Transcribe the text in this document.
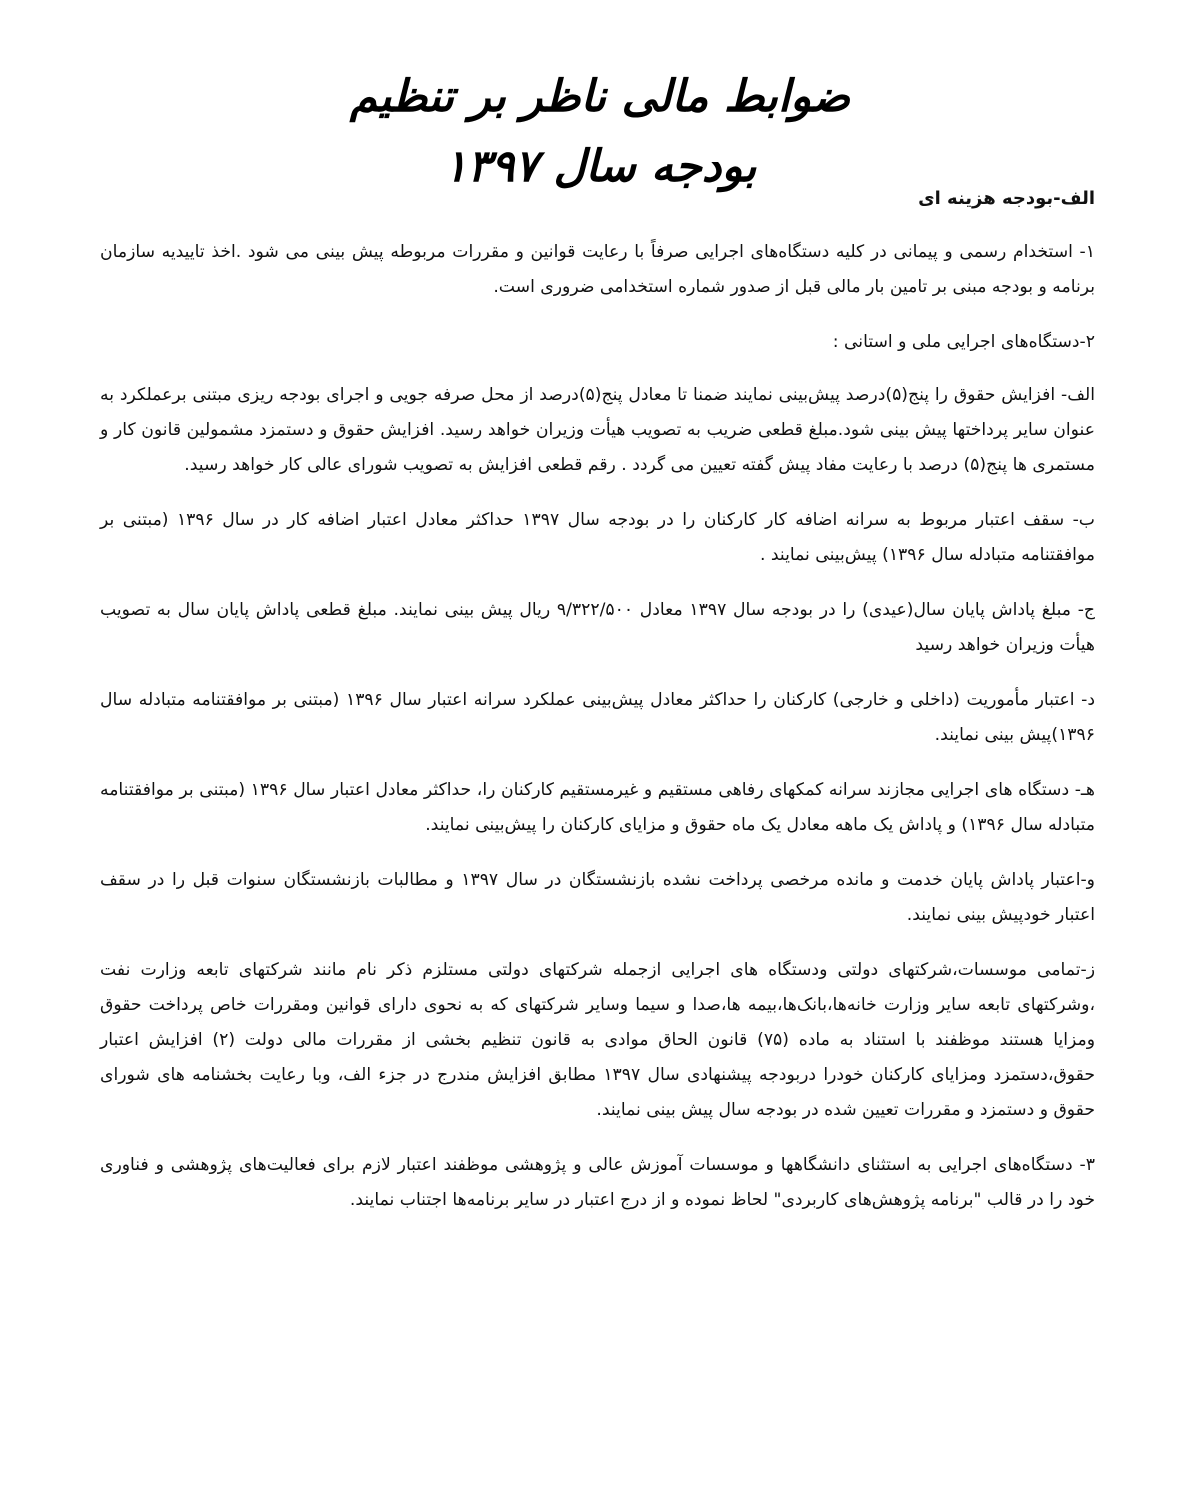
ضوابط مالی ناظر بر تنظیم بودجه سال ۱۳۹۷
الف-بودجه هزینه ای

۱- استخدام رسمی و پیمانی در کلیه دستگاه‌های اجرایی صرفاً با رعایت قوانین و مقررات مربوطه پیش بینی می شود .اخذ تاییدیه سازمان برنامه و بودجه مبنی بر تامین بار مالی قبل از صدور شماره استخدامی ضروری است.

۲-دستگاه‌های اجرایی ملی و استانی :

الف- افزایش حقوق را پنج(۵)درصد پیش‌بینی نمایند ضمنا تا معادل پنج(۵)درصد از محل صرفه جویی و اجرای بودجه ریزی مبتنی برعملکرد به عنوان سایر پرداختها پیش بینی شود.مبلغ قطعی ضریب به تصویب هیأت وزیران خواهد رسید. افزایش حقوق و دستمزد مشمولین قانون کار و مستمری ها پنج(۵) درصد با رعایت مفاد پیش گفته تعیین می گردد . رقم قطعی افزایش به تصویب شورای عالی کار خواهد رسید.

ب- سقف اعتبار مربوط به سرانه اضافه کار کارکنان را در بودجه سال ۱۳۹۷ حداکثر معادل اعتبار اضافه کار در سال ۱۳۹۶ (مبتنی بر موافقتنامه متبادله سال ۱۳۹۶) پیش‌بینی نمایند .

ج- مبلغ پاداش پایان سال(عیدی) را در بودجه سال ۱۳۹۷ معادل ۹/۳۲۲/۵۰۰ ریال پیش بینی نمایند. مبلغ قطعی پاداش پایان سال به تصویب هیأت وزیران خواهد رسید

د- اعتبار مأموریت (داخلی و خارجی) کارکنان را حداکثر معادل پیش‌بینی عملکرد سرانه اعتبار سال ۱۳۹۶ (مبتنی بر موافقتنامه متبادله سال ۱۳۹۶)پیش بینی نمایند.

هـ- دستگاه های اجرایی مجازند سرانه کمکهای رفاهی مستقیم و غیرمستقیم کارکنان را، حداکثر معادل اعتبار سال ۱۳۹۶ (مبتنی بر موافقتنامه متبادله سال ۱۳۹۶) و پاداش یک ماهه معادل یک ماه حقوق و مزایای کارکنان را پیش‌بینی نمایند.

و-اعتبار پاداش پایان خدمت و مانده مرخصی پرداخت نشده بازنشستگان در سال ۱۳۹۷ و مطالبات بازنشستگان سنوات قبل را در سقف اعتبار خودپیش بینی نمایند.

ز-تمامی موسسات،شرکتهای دولتی ودستگاه های اجرایی ازجمله شرکتهای دولتی مستلزم ذکر نام مانند شرکتهای تابعه وزارت نفت ،وشرکتهای تابعه سایر وزارت خانه‌ها،بانک‌ها،بیمه ها،صدا و سیما وسایر شرکتهای که به نحوی دارای قوانین ومقررات خاص پرداخت حقوق ومزایا هستند موظفند با استناد به ماده (۷۵) قانون الحاق موادی به قانون تنظیم بخشی از مقررات مالی دولت (۲) افزایش اعتبار حقوق،دستمزد ومزایای کارکنان خودرا دربودجه پیشنهادی سال ۱۳۹۷ مطابق افزایش مندرج در جزء الف، وبا رعایت بخشنامه های شورای حقوق و دستمزد و مقررات تعیین شده در بودجه سال پیش بینی نمایند.

۳- دستگاه‌های اجرایی به استثنای دانشگاهها و موسسات آموزش عالی و پژوهشی موظفند اعتبار لازم برای فعالیت‌های پژوهشی و فناوری خود را در قالب "برنامه پژوهش‌های کاربردی" لحاظ نموده و از درج اعتبار در سایر برنامه‌ها اجتناب نمایند.
